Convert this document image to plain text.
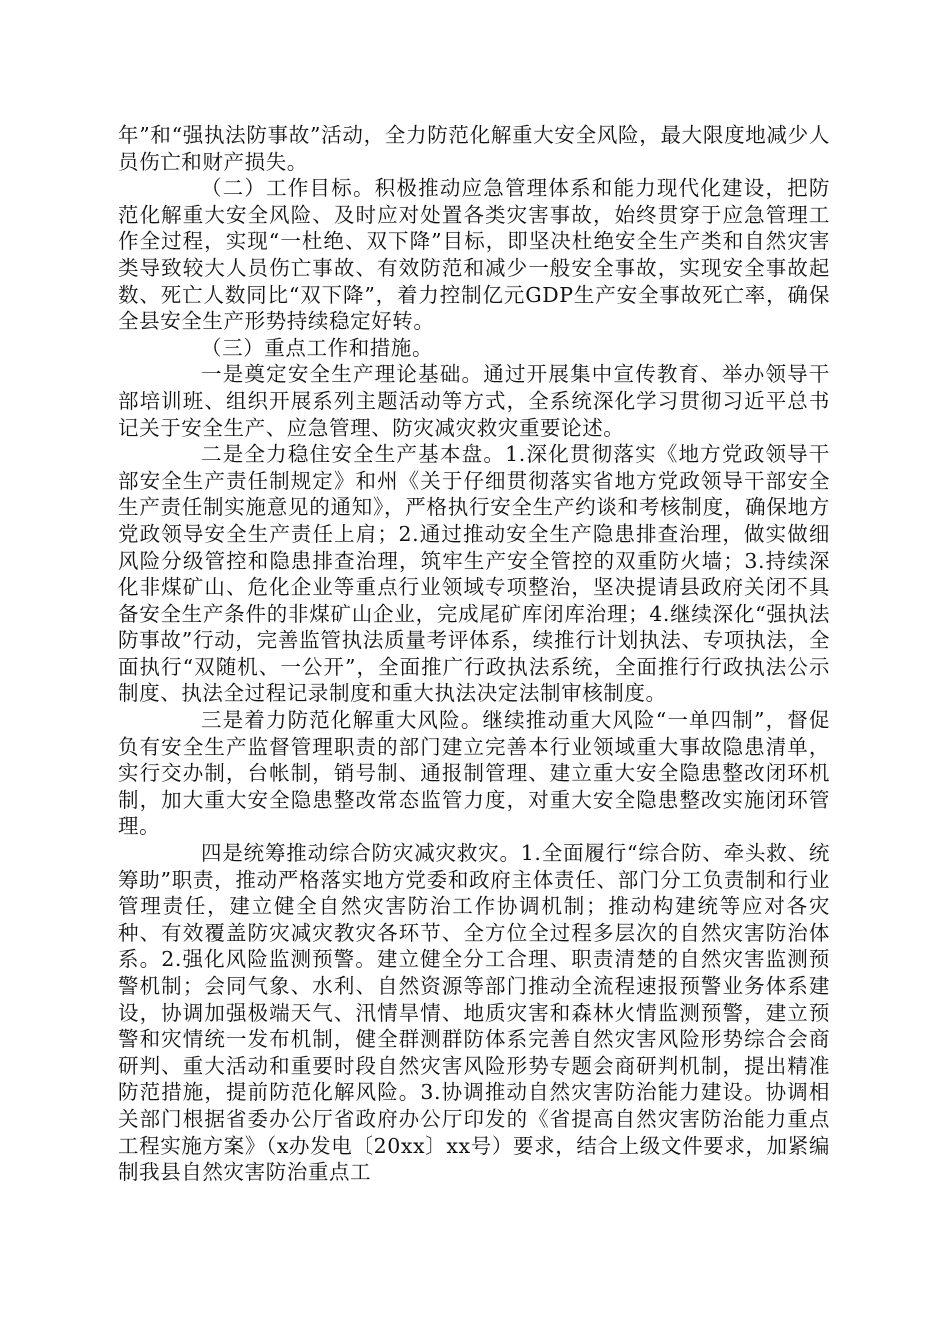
年”和“强执法防事故”活动，全力防范化解重大安全风险，最大限度地减少人员伤亡和财产损失。

（二）工作目标。积极推动应急管理体系和能力现代化建设，把防范化解重大安全风险、及时应对处置各类灾害事故，始终贯穿于应急管理工作全过程，实现“一杜绝、双下降”目标，即坚决杜绝安全生产类和自然灾害类导致较大人员伤亡事故、有效防范和减少一般安全事故，实现安全事故起数、死亡人数同比“双下降”，着力控制亿元GDP生产安全事故死亡率，确保全县安全生产形势持续稳定好转。

（三）重点工作和措施。

一是奠定安全生产理论基础。通过开展集中宣传教育、举办领导干部培训班、组织开展系列主题活动等方式，全系统深化学习贯彻习近平总书记关于安全生产、应急管理、防灾减灾救灾重要论述。

二是全力稳住安全生产基本盘。1.深化贯彻落实《地方党政领导干部安全生产责任制规定》和州《关于仔细贯彻落实省地方党政领导干部安全生产责任制实施意见的通知》，严格执行安全生产约谈和考核制度，确保地方党政领导安全生产责任上肩；2.通过推动安全生产隐患排查治理，做实做细风险分级管控和隐患排查治理，筑牢生产安全管控的双重防火墙；3.持续深化非煤矿山、危化企业等重点行业领域专项整治，坚决提请县政府关闭不具备安全生产条件的非煤矿山企业，完成尾矿库闭库治理；4.继续深化“强执法防事故”行动，完善监管执法质量考评体系，续推行计划执法、专项执法，全面执行“双随机、一公开”，全面推广行政执法系统，全面推行行政执法公示制度、执法全过程记录制度和重大执法决定法制审核制度。

三是着力防范化解重大风险。继续推动重大风险“一单四制”，督促负有安全生产监督管理职责的部门建立完善本行业领域重大事故隐患清单，实行交办制，台帐制，销号制、通报制管理、建立重大安全隐患整改闭环机制，加大重大安全隐患整改常态监管力度，对重大安全隐患整改实施闭环管理。

四是统筹推动综合防灾减灾救灾。1.全面履行“综合防、牵头救、统筹助”职责，推动严格落实地方党委和政府主体责任、部门分工负责制和行业管理责任，建立健全自然灾害防治工作协调机制；推动构建统等应对各灾种、有效覆盖防灾减灾教灾各环节、全方位全过程多层次的自然灾害防治体系。2.强化风险监测预警。建立健全分工合理、职责清楚的自然灾害监测预警机制；会同气象、水利、自然资源等部门推动全流程速报预警业务体系建设，协调加强极端天气、汛情旱情、地质灾害和森林火情监测预警，建立预警和灾情统一发布机制，健全群测群防体系完善自然灾害风险形势综合会商研判、重大活动和重要时段自然灾害风险形势专题会商研判机制，提出精准防范措施，提前防范化解风险。3.协调推动自然灾害防治能力建设。协调相关部门根据省委办公厅省政府办公厅印发的《省提高自然灾害防治能力重点工程实施方案》（x办发电〔20xx〕xx号）要求，结合上级文件要求，加紧编制我县自然灾害防治重点工
